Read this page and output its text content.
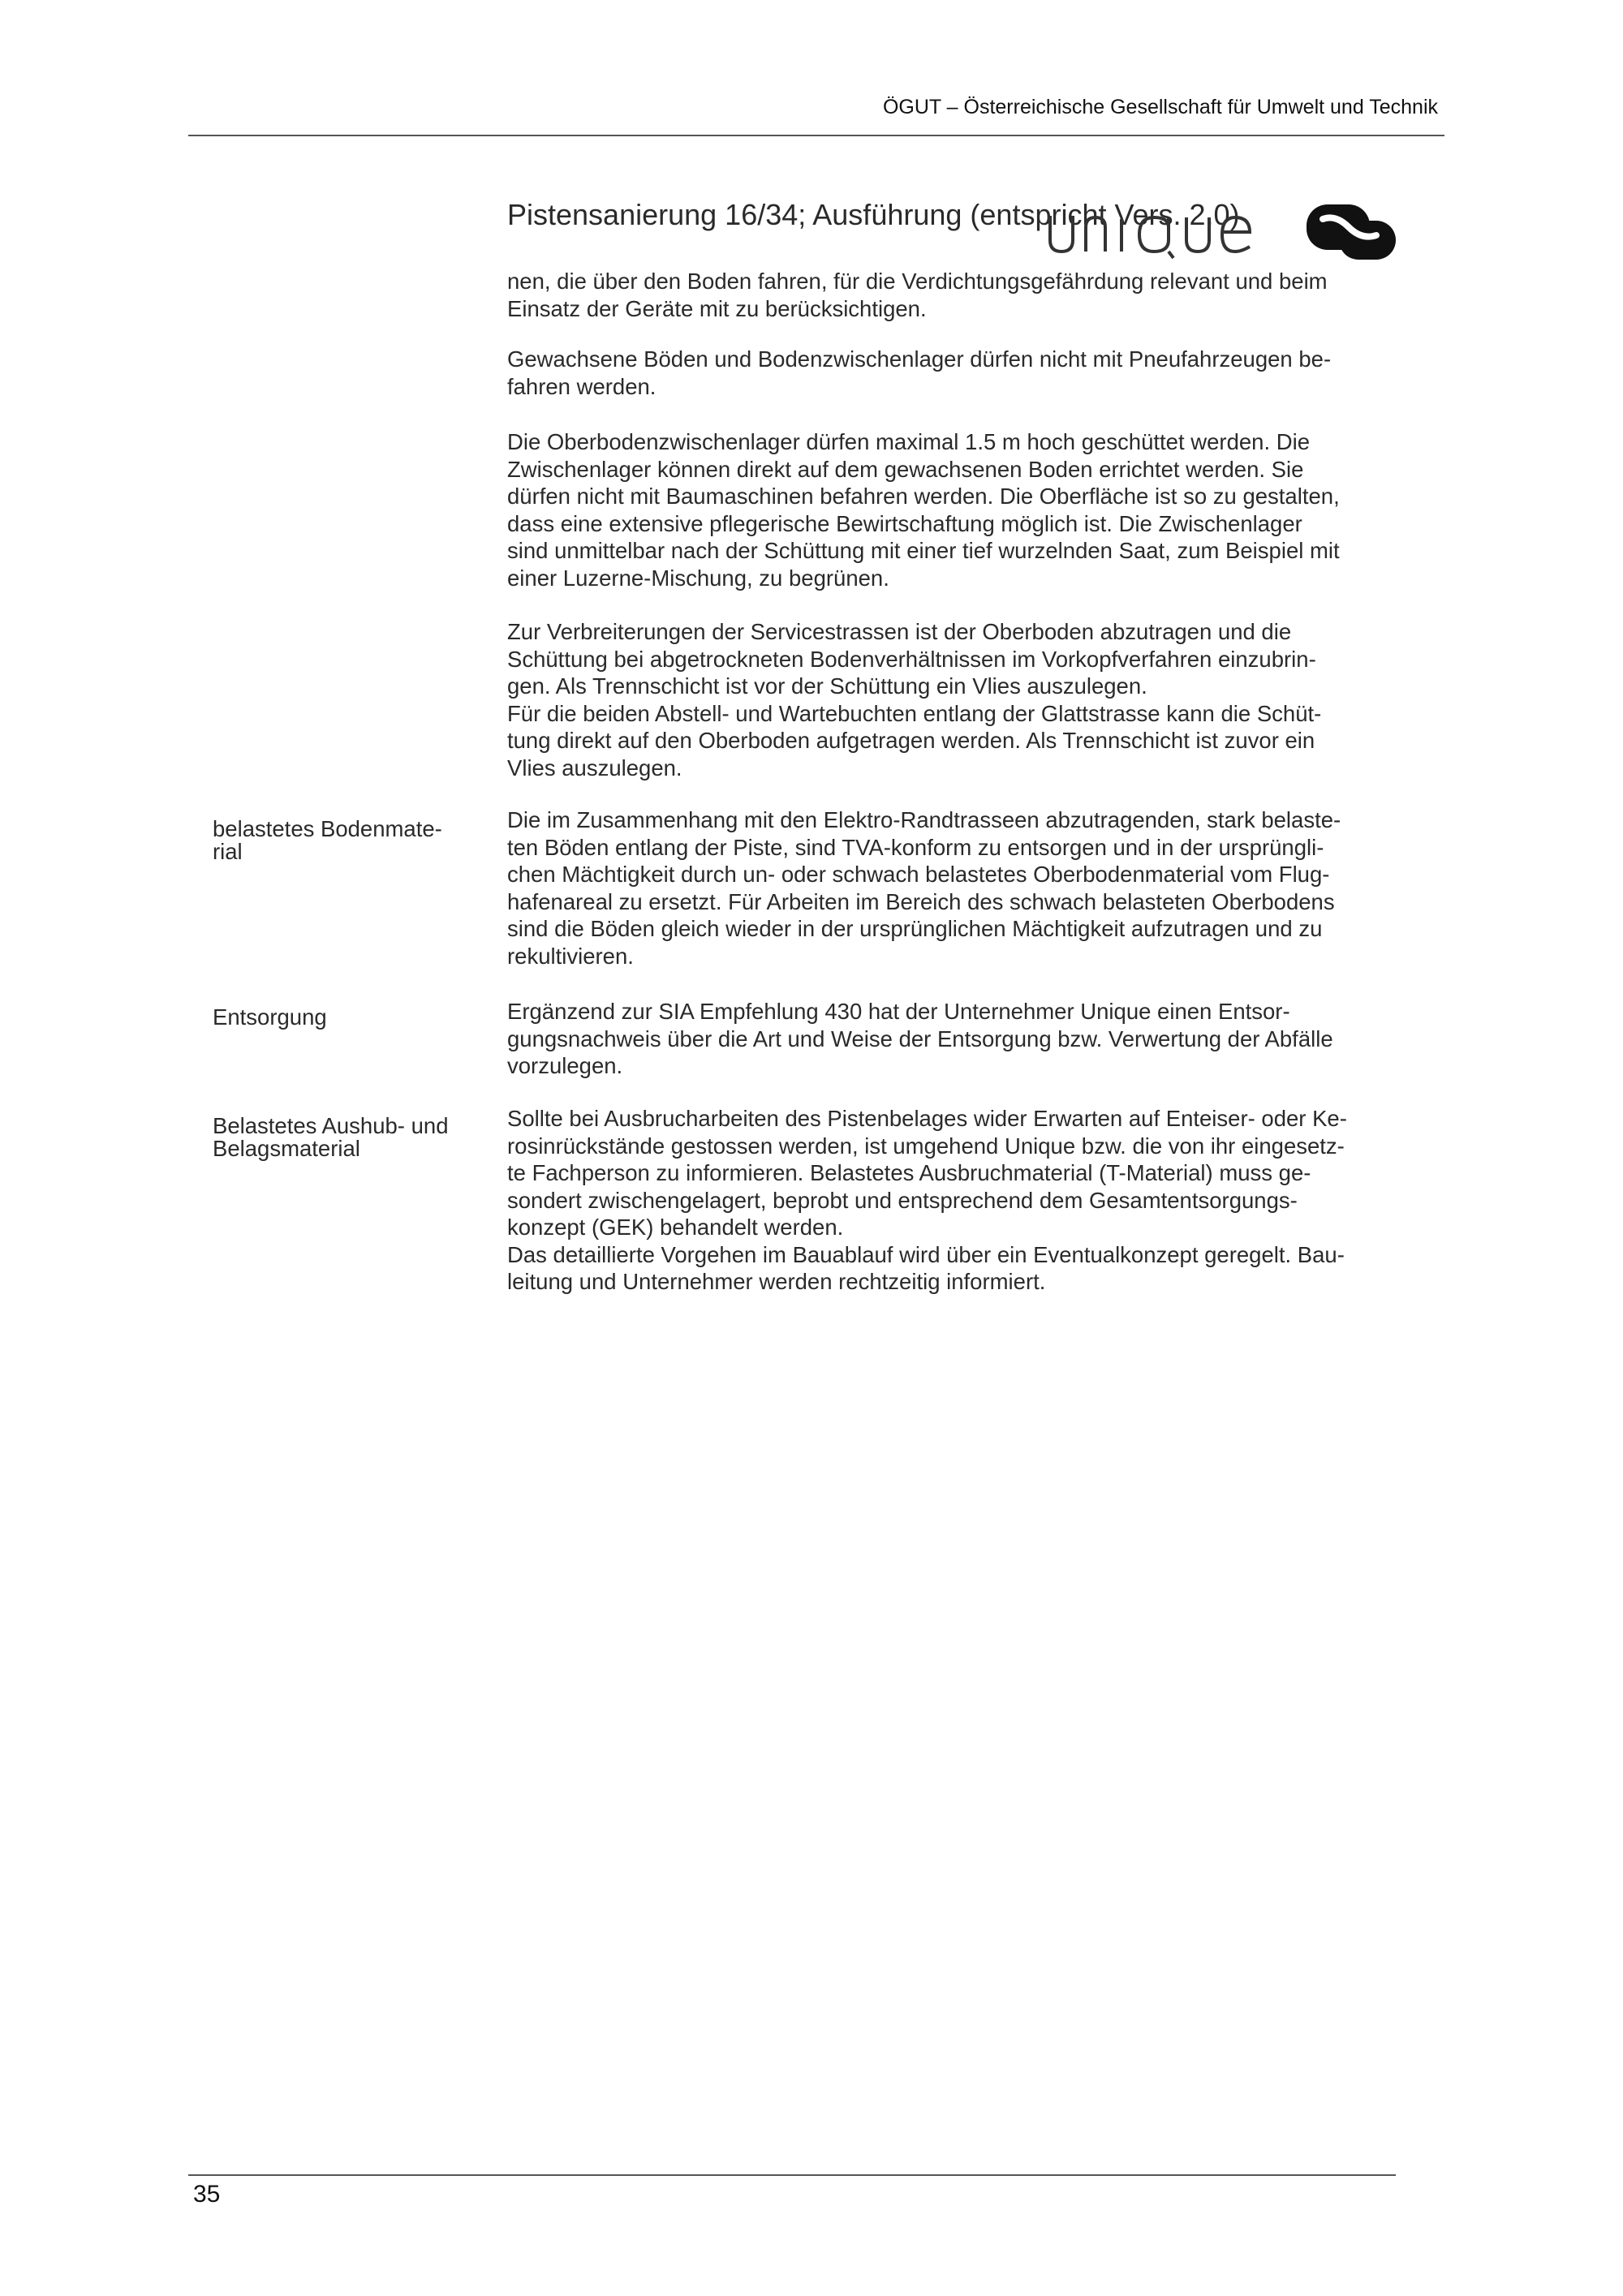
ÖGUT – Österreichische Gesellschaft für Umwelt und Technik
Pistensanierung 16/34; Ausführung (entspricht Vers. 2.0)
nen, die über den Boden fahren, für die Verdichtungsgefährdung relevant und beim
Einsatz der Geräte mit zu berücksichtigen.
Gewachsene Böden und Bodenzwischenlager dürfen nicht mit Pneufahrzeugen be-
fahren werden.
Die Oberbodenzwischenlager dürfen maximal 1.5 m hoch geschüttet werden. Die
Zwischenlager können direkt auf dem gewachsenen Boden errichtet werden. Sie
dürfen nicht mit Baumaschinen befahren werden. Die Oberfläche ist so zu gestalten,
dass eine extensive pflegerische Bewirtschaftung möglich ist. Die Zwischenlager
sind unmittelbar nach der Schüttung mit einer tief wurzelnden Saat, zum Beispiel mit
einer Luzerne-Mischung, zu begrünen.
Zur Verbreiterungen der Servicestrassen ist der Oberboden abzutragen und die
Schüttung bei abgetrockneten Bodenverhältnissen im Vorkopfverfahren einzubrin-
gen. Als Trennschicht ist vor der Schüttung ein Vlies auszulegen.
Für die beiden Abstell- und Wartebuchten entlang der Glattstrasse kann die Schüt-
tung direkt auf den Oberboden aufgetragen werden. Als Trennschicht ist zuvor ein
Vlies auszulegen.
belastetes Bodenmate-
rial
Die im Zusammenhang mit den Elektro-Randtrasseen abzutragenden, stark belaste-
ten Böden entlang der Piste, sind TVA-konform zu entsorgen und in der ursprüngli-
chen Mächtigkeit durch un- oder schwach belastetes Oberbodenmaterial vom Flug-
hafenareal zu ersetzt. Für Arbeiten im Bereich des schwach belasteten Oberbodens
sind die Böden gleich wieder in der ursprünglichen Mächtigkeit aufzutragen und zu
rekultivieren.
Entsorgung	Ergänzend zur SIA Empfehlung 430 hat der Unternehmer Unique einen Entsor-
gungsnachweis über die Art und Weise der Entsorgung bzw. Verwertung der Abfälle
vorzulegen.
Belastetes Aushub- und
Belagsmaterial
Sollte bei Ausbrucharbeiten des Pistenbelages wider Erwarten auf Enteiser- oder Ke-
rosinrückstände gestossen werden, ist umgehend Unique bzw. die von ihr eingesetz-
te Fachperson zu informieren. Belastetes Ausbruchmaterial (T-Material) muss ge-
sondert zwischengelagert, beprobt und entsprechend dem Gesamtentsorgungs-
konzept (GEK) behandelt werden.
Das detaillierte Vorgehen im Bauablauf wird über ein Eventualkonzept geregelt. Bau-
leitung und Unternehmer werden rechtzeitig informiert.
35
